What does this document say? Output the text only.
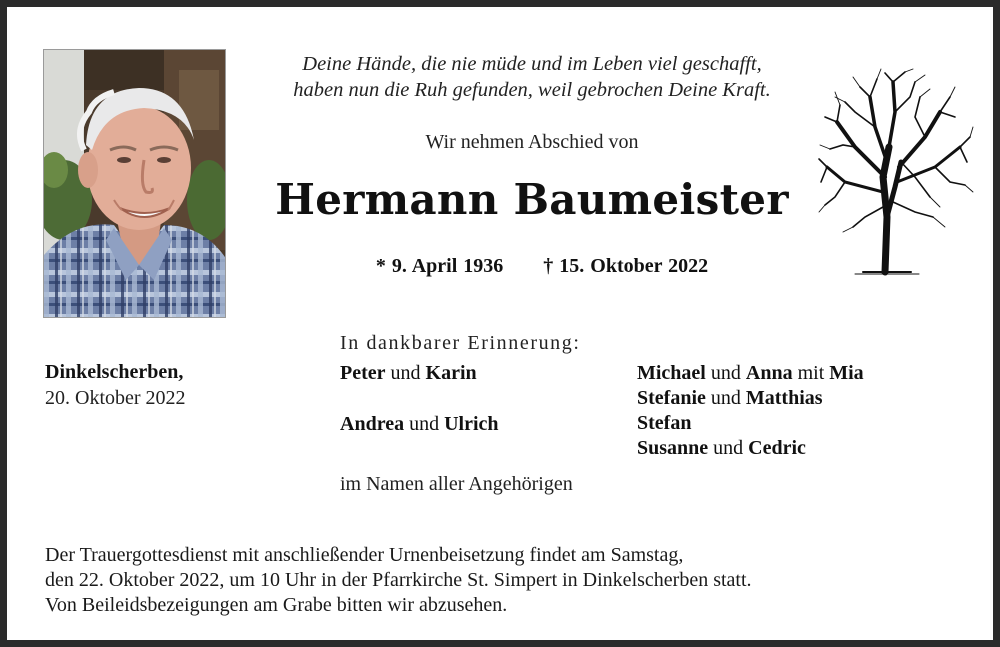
Deine Hände, die nie müde und im Leben viel geschafft,
haben nun die Ruh gefunden, weil gebrochen Deine Kraft.
Wir nehmen Abschied von
Hermann Baumeister
* 9. April 1936 † 15. Oktober 2022
Dinkelscherben,
20. Oktober 2022
In dankbarer Erinnerung:
Peter und Karin
Andrea und Ulrich
Michael und Anna mit Mia
Stefanie und Matthias
Stefan
Susanne und Cedric
im Namen aller Angehörigen
Der Trauergottesdienst mit anschließender Urnenbeisetzung findet am Samstag,
den 22. Oktober 2022, um 10 Uhr in der Pfarrkirche St. Simpert in Dinkelscherben statt.
Von Beileidsbezeigungen am Grabe bitten wir abzusehen.
